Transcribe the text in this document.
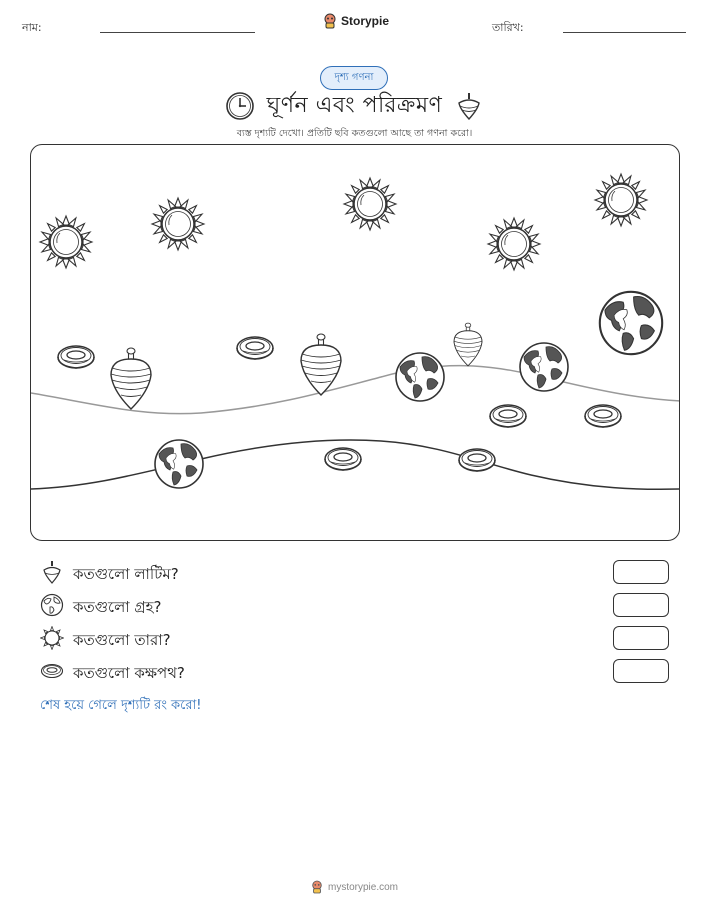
নাম:	Storypie	তারিখ:
দৃশ্য গণনা
ঘূর্ণন এবং পরিক্রমণ
ব্যস্ত দৃশ্যটি দেখো। প্রতিটি ছবি কতগুলো আছে তা গণনা করো।
কতগুলো লাটিম?
কতগুলো গ্রহ?
কতগুলো তারা?
কতগুলো কক্ষপথ?
শেষ হয়ে গেলে দৃশ্যটি রং করো!
mystorypie.com
